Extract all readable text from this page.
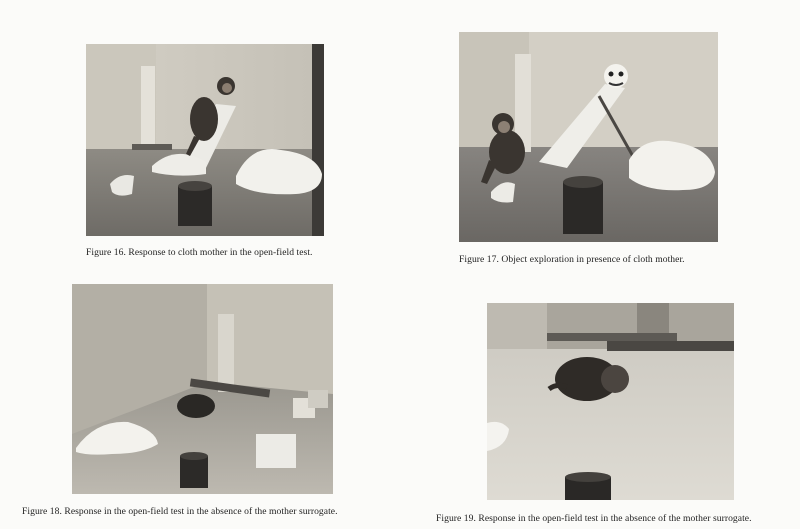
Figure 16. Response to cloth mother in the open-field test.
Figure 17. Object exploration in presence of cloth mother.
Figure 18. Response in the open-field test in the absence of the mother surrogate.
Figure 19. Response in the open-field test in the absence of the mother surrogate.
